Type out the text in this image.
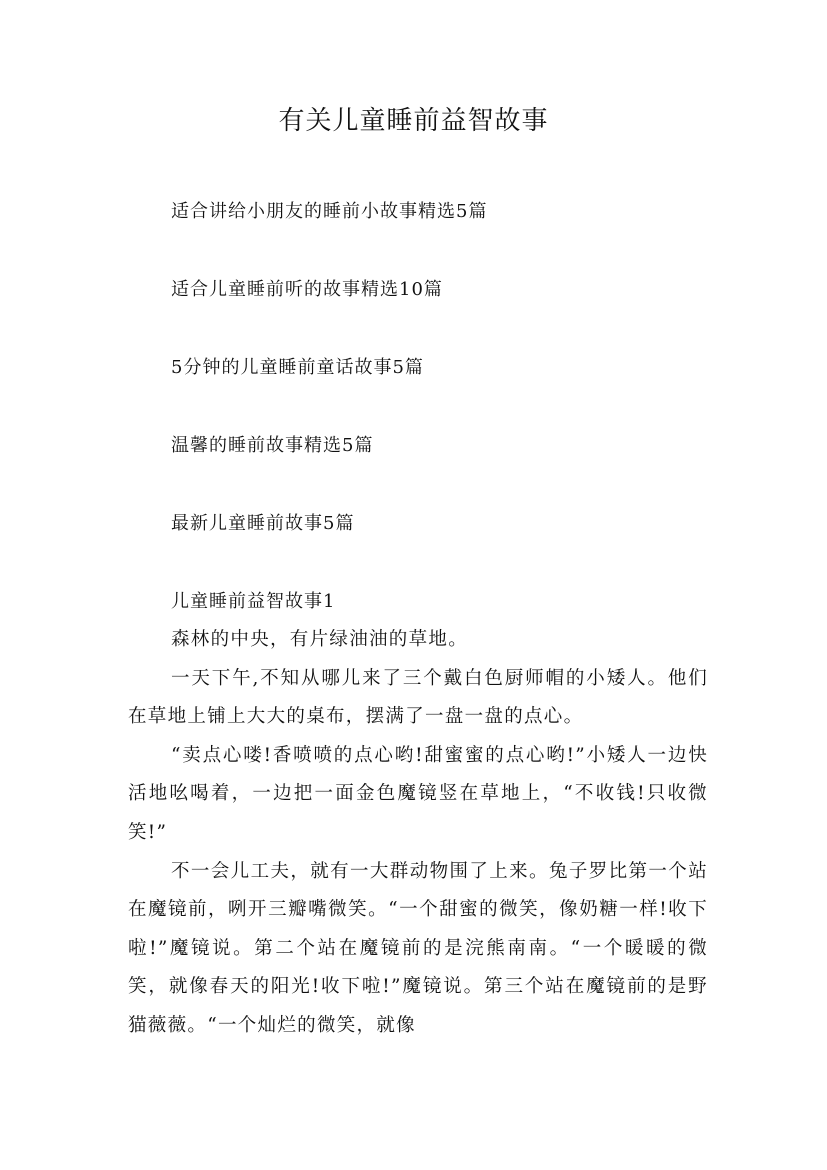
有关儿童睡前益智故事
适合讲给小朋友的睡前小故事精选5篇
适合儿童睡前听的故事精选10篇
5分钟的儿童睡前童话故事5篇
温馨的睡前故事精选5篇
最新儿童睡前故事5篇
儿童睡前益智故事1

森林的中央，有片绿油油的草地。

一天下午,不知从哪儿来了三个戴白色厨师帽的小矮人。他们在草地上铺上大大的桌布，摆满了一盘一盘的点心。

“卖点心喽!香喷喷的点心哟!甜蜜蜜的点心哟!”小矮人一边快活地吆喝着，一边把一面金色魔镜竖在草地上，“不收钱!只收微笑!”

不一会儿工夫，就有一大群动物围了上来。兔子罗比第一个站在魔镜前，咧开三瓣嘴微笑。“一个甜蜜的微笑，像奶糖一样!收下啦!”魔镜说。第二个站在魔镜前的是浣熊南南。“一个暖暖的微笑，就像春天的阳光!收下啦!”魔镜说。第三个站在魔镜前的是野猫薇薇。“一个灿烂的微笑，就像
